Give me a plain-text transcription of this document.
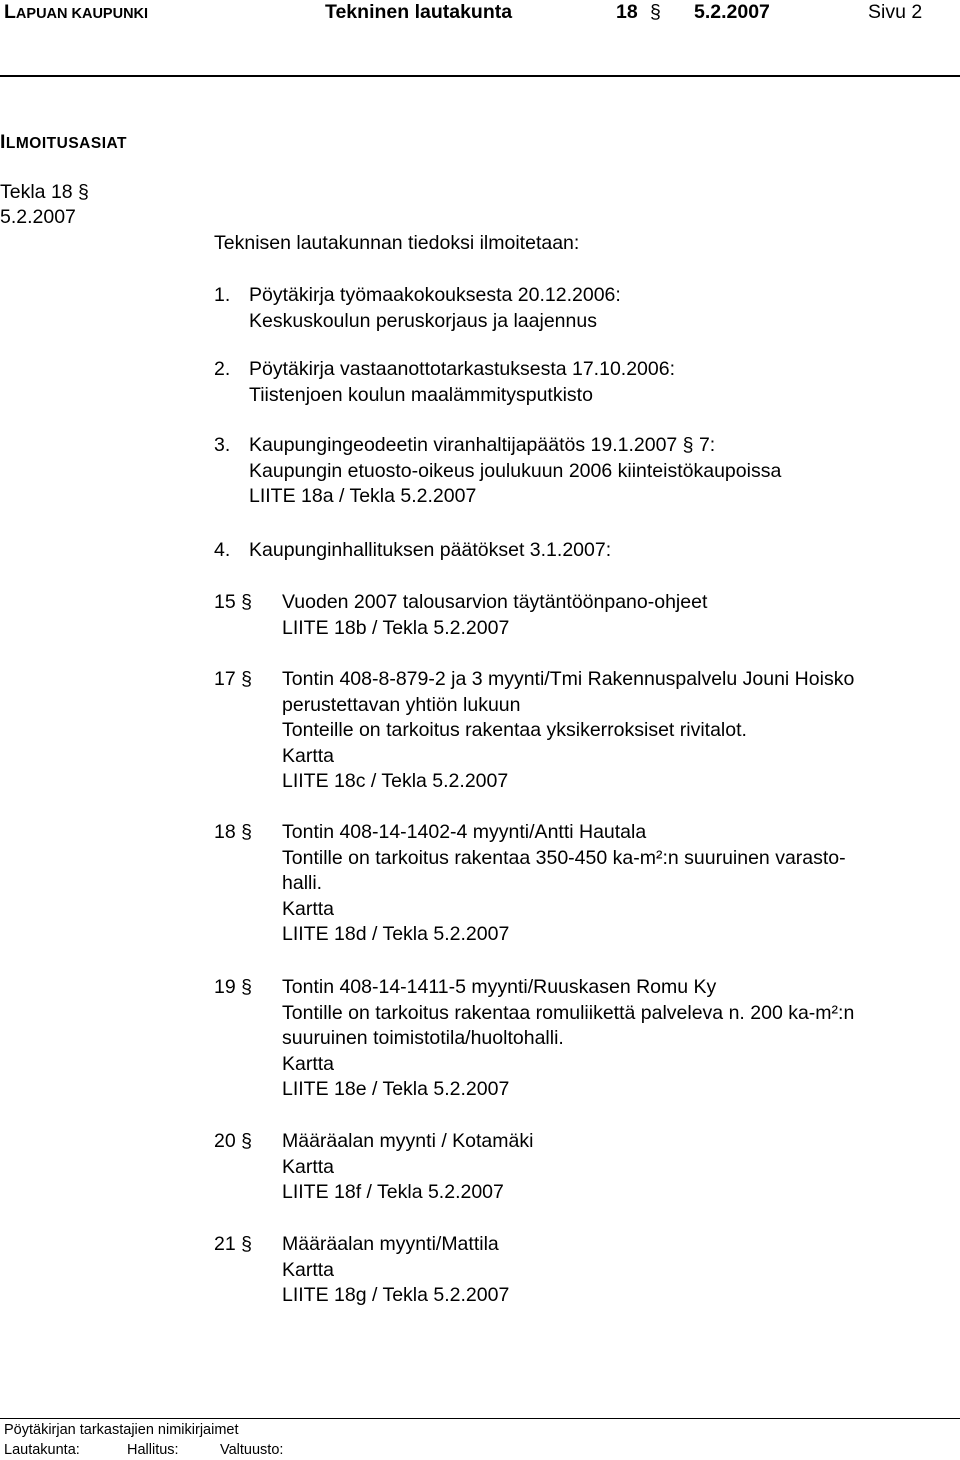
LAPUAN KAUPUNKI	Tekninen lautakunta	18 § 5.2.2007	Sivu 2
ILMOITUSASIAT
Tekla 18 §
5.2.2007
Teknisen lautakunnan tiedoksi ilmoitetaan:
1. Pöytäkirja työmaakokouksesta 20.12.2006:
Keskuskoulun peruskorjaus ja laajennus
2. Pöytäkirja vastaanottotarkastuksesta 17.10.2006:
Tiistenjoen koulun maalämmitysputkisto
3. Kaupungingeodeetin viranhaltijapäätös 19.1.2007 § 7:
Kaupungin etuosto-oikeus joulukuun 2006 kiinteistökaupoissa
LIITE 18a / Tekla 5.2.2007
4. Kaupunginhallituksen päätökset 3.1.2007:
15 § Vuoden 2007 talousarvion täytäntöönpano-ohjeet
LIITE 18b / Tekla 5.2.2007
17 § Tontin 408-8-879-2 ja 3 myynti/Tmi Rakennuspalvelu Jouni Hoisko
perustettavan yhtiön lukuun
Tonteille on tarkoitus rakentaa yksikerroksiset rivitalot.
Kartta
LIITE 18c / Tekla 5.2.2007
18 § Tontin 408-14-1402-4 myynti/Antti Hautala
Tontille on tarkoitus rakentaa 350-450 ka-m²:n suuruinen varasto-
halli.
Kartta
LIITE 18d / Tekla 5.2.2007
19 § Tontin 408-14-1411-5 myynti/Ruuskasen Romu Ky
Tontille on tarkoitus rakentaa romuliikettä palveleva n. 200 ka-m²:n
suuruinen toimistotila/huoltohalli.
Kartta
LIITE 18e / Tekla 5.2.2007
20 § Määräalan myynti / Kotamäki
Kartta
LIITE 18f / Tekla 5.2.2007
21 § Määräalan myynti/Mattila
Kartta
LIITE 18g / Tekla 5.2.2007
Pöytäkirjan tarkastajien nimikirjaimet
Lautakunta:	Hallitus:	Valtuusto:
